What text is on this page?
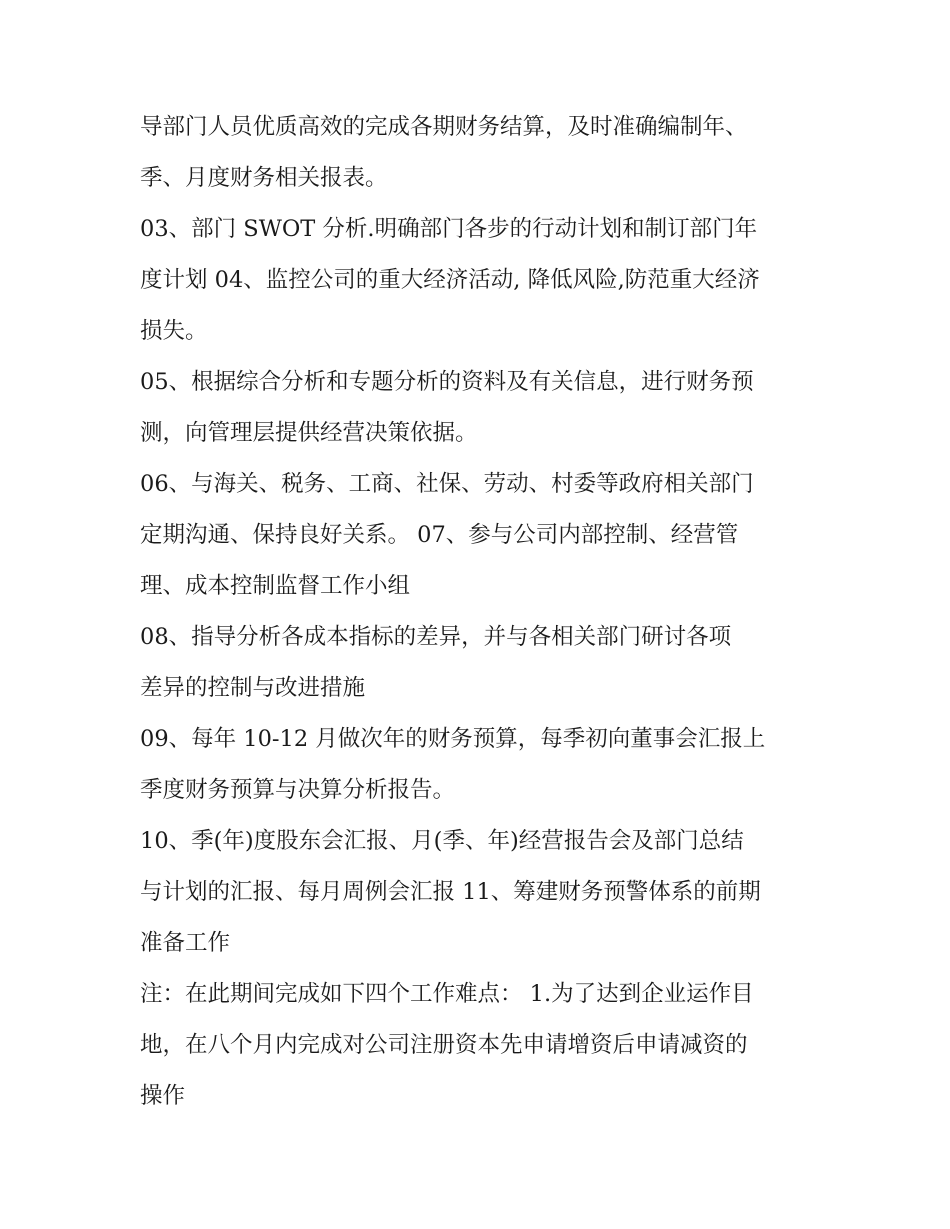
导部门人员优质高效的完成各期财务结算，及时准确编制年、
季、月度财务相关报表。
03、部门 SWOT 分析.明确部门各步的行动计划和制订部门年
度计划 04、监控公司的重大经济活动, 降低风险,防范重大经济
损失。
05、根据综合分析和专题分析的资料及有关信息，进行财务预
测，向管理层提供经营决策依据。
06、与海关、税务、工商、社保、劳动、村委等政府相关部门
定期沟通、保持良好关系。 07、参与公司内部控制、经营管
理、成本控制监督工作小组
08、指导分析各成本指标的差异，并与各相关部门研讨各项
差异的控制与改进措施
09、每年 10-12 月做次年的财务预算，每季初向董事会汇报上
季度财务预算与决算分析报告。
10、季(年)度股东会汇报、月(季、年)经营报告会及部门总结
与计划的汇报、每月周例会汇报 11、筹建财务预警体系的前期
准备工作
注：在此期间完成如下四个工作难点： 1.为了达到企业运作目
地，在八个月内完成对公司注册资本先申请增资后申请减资的
操作
